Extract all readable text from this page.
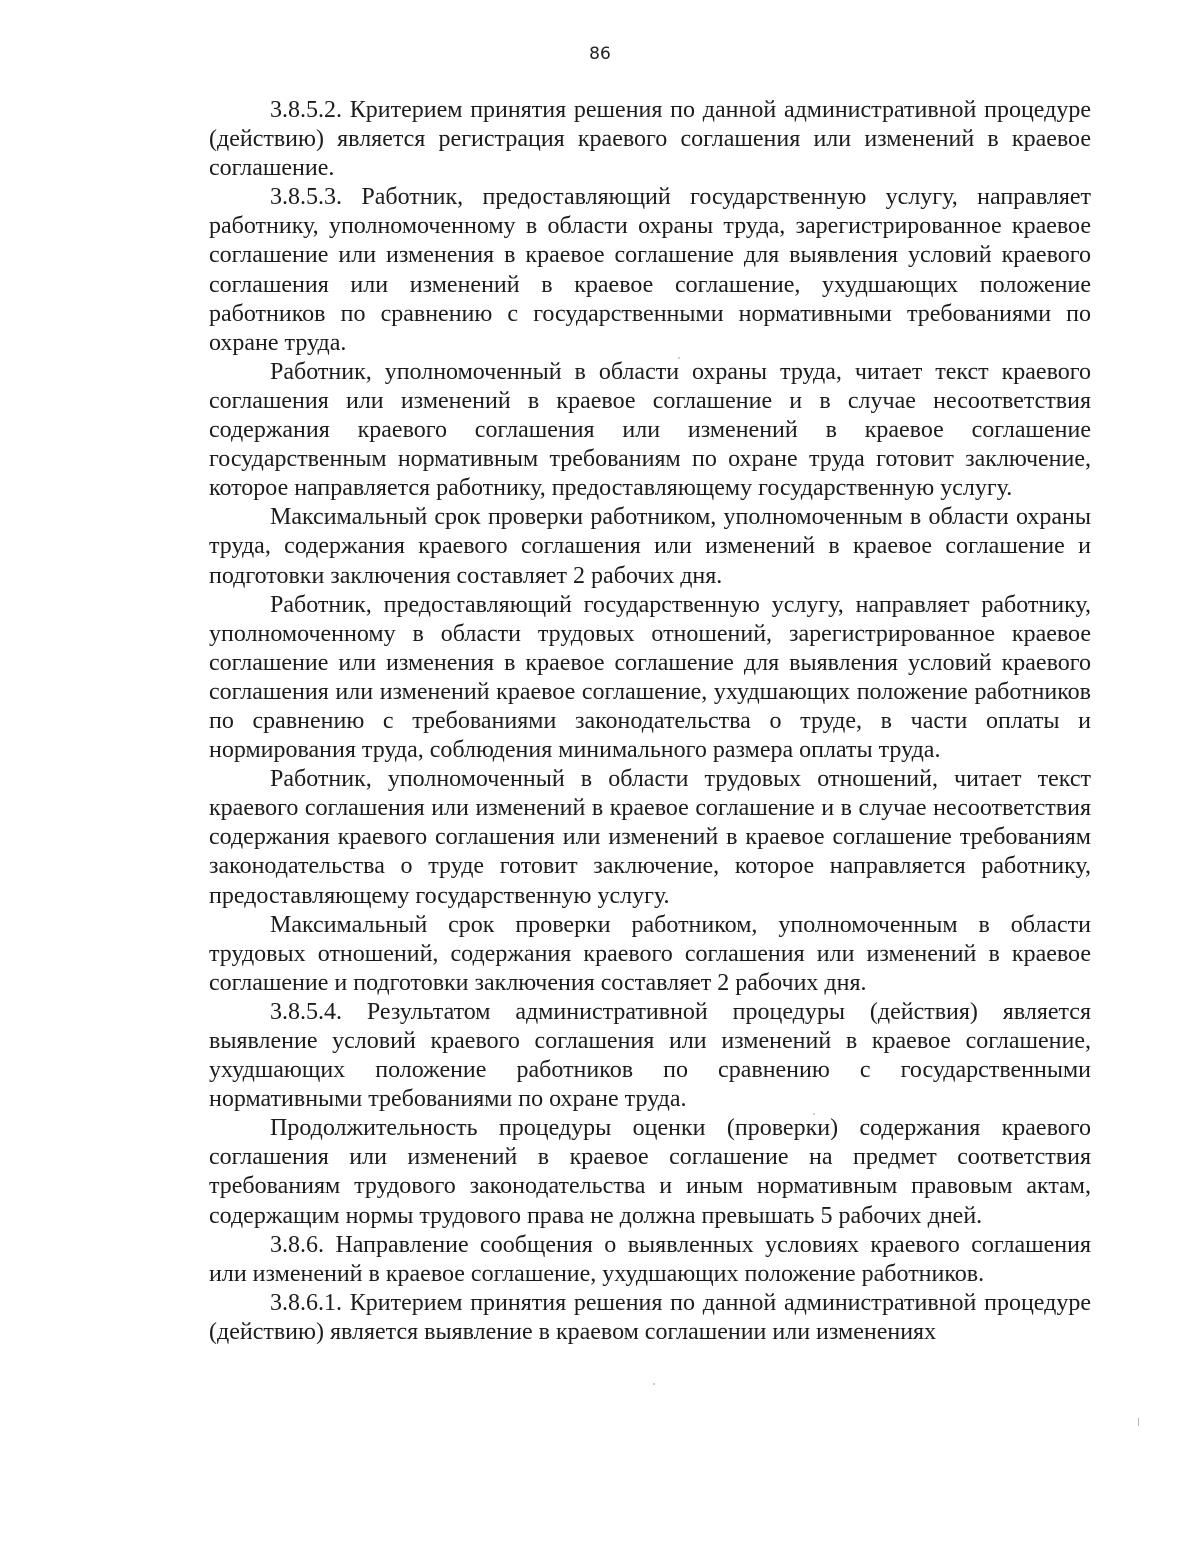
86

3.8.5.2. Критерием принятия решения по данной административной процедуре (действию) является регистрация краевого соглашения или изменений в краевое соглашение.

3.8.5.3. Работник, предоставляющий государственную услугу, направляет работнику, уполномоченному в области охраны труда, зарегистрированное краевое соглашение или изменения в краевое соглашение для выявления условий краевого соглашения или изменений в краевое соглашение, ухудшающих положение работников по сравнению с государственными нормативными требованиями по охране труда.

Работник, уполномоченный в области охраны труда, читает текст краевого соглашения или изменений в краевое соглашение и в случае несоответствия содержания краевого соглашения или изменений в краевое соглашение государственным нормативным требованиям по охране труда готовит заключение, которое направляется работнику, предоставляющему государственную услугу.

Максимальный срок проверки работником, уполномоченным в области охраны труда, содержания краевого соглашения или изменений в краевое соглашение и подготовки заключения составляет 2 рабочих дня.

Работник, предоставляющий государственную услугу, направляет работнику, уполномоченному в области трудовых отношений, зарегистрированное краевое соглашение или изменения в краевое соглашение для выявления условий краевого соглашения или изменений краевое соглашение, ухудшающих положение работников по сравнению с требованиями законодательства о труде, в части оплаты и нормирования труда, соблюдения минимального размера оплаты труда.

Работник, уполномоченный в области трудовых отношений, читает текст краевого соглашения или изменений в краевое соглашение и в случае несоответствия содержания краевого соглашения или изменений в краевое соглашение требованиям законодательства о труде готовит заключение, которое направляется работнику, предоставляющему государственную услугу.

Максимальный срок проверки работником, уполномоченным в области трудовых отношений, содержания краевого соглашения или изменений в краевое соглашение и подготовки заключения составляет 2 рабочих дня.

3.8.5.4. Результатом административной процедуры (действия) является выявление условий краевого соглашения или изменений в краевое соглашение, ухудшающих положение работников по сравнению с государственными нормативными требованиями по охране труда.

Продолжительность процедуры оценки (проверки) содержания краевого соглашения или изменений в краевое соглашение на предмет соответствия требованиям трудового законодательства и иным нормативным правовым актам, содержащим нормы трудового права не должна превышать 5 рабочих дней.

3.8.6. Направление сообщения о выявленных условиях краевого соглашения или изменений в краевое соглашение, ухудшающих положение работников.

3.8.6.1. Критерием принятия решения по данной административной процедуре (действию) является выявление в краевом соглашении или изменениях
